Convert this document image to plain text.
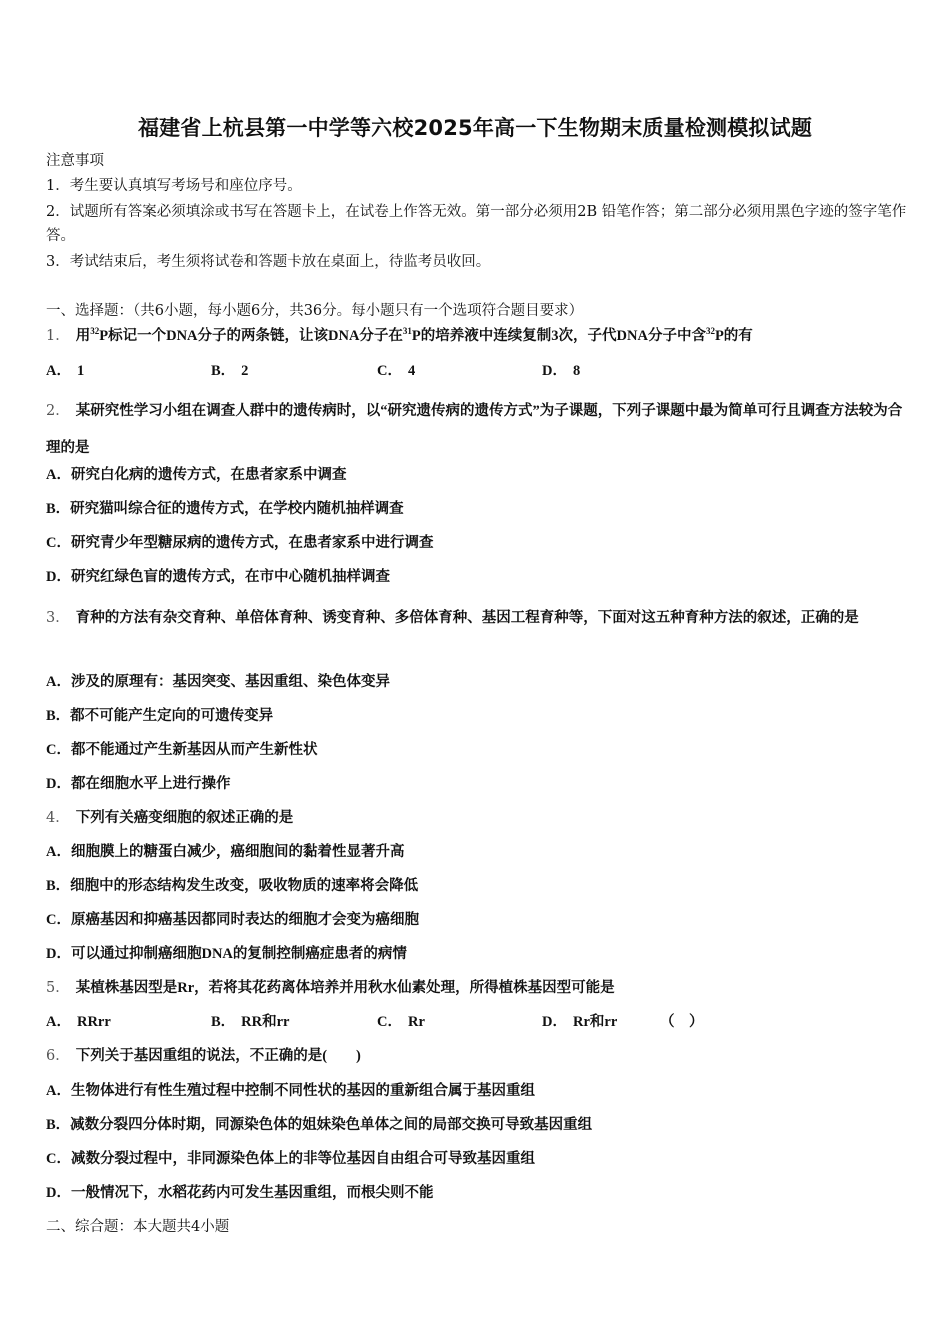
福建省上杭县第一中学等六校2025年高一下生物期末质量检测模拟试题
注意事项
1．考生要认真填写考场号和座位序号。
2．试题所有答案必须填涂或书写在答题卡上，在试卷上作答无效。第一部分必须用2B 铅笔作答；第二部分必须用黑色字迹的签字笔作答。
3．考试结束后，考生须将试卷和答题卡放在桌面上，待监考员收回。
一、选择题：（共6小题，每小题6分，共36分。每小题只有一个选项符合题目要求）
1． 用$^{32}$P标记一个DNA分子的两条链，让该DNA分子在$^{31}$P的培养液中连续复制3次，子代DNA分子中含$^{32}$P的有
A． 1	B． 2	C． 4	D． 8
2． 某研究性学习小组在调查人群中的遗传病时，以“研究遗传病的遗传方式”为子课题，下列子课题中最为简单可行且调查方法较为合理的是
A．研究白化病的遗传方式，在患者家系中调查
B．研究猫叫综合征的遗传方式，在学校内随机抽样调查
C．研究青少年型糖尿病的遗传方式，在患者家系中进行调查
D．研究红绿色盲的遗传方式，在市中心随机抽样调查
3． 育种的方法有杂交育种、单倍体育种、诱变育种、多倍体育种、基因工程育种等，下面对这五种育种方法的叙述，正确的是
A．涉及的原理有：基因突变、基因重组、染色体变异
B．都不可能产生定向的可遗传变异
C．都不能通过产生新基因从而产生新性状
D．都在细胞水平上进行操作
4． 下列有关癌变细胞的叙述正确的是
A．细胞膜上的糖蛋白减少，癌细胞间的黏着性显著升高
B．细胞中的形态结构发生改变，吸收物质的速率将会降低
C．原癌基因和抑癌基因都同时表达的细胞才会变为癌细胞
D．可以通过抑制癌细胞DNA的复制控制癌症患者的病情
5． 某植株基因型是Rr，若将其花药离体培养并用秋水仙素处理，所得植株基因型可能是
A． RRrr	B． RR和rr	C． Rr	D． Rr和rr	（　）
6． 下列关于基因重组的说法，不正确的是(　　)
A．生物体进行有性生殖过程中控制不同性状的基因的重新组合属于基因重组
B．减数分裂四分体时期，同源染色体的姐妹染色单体之间的局部交换可导致基因重组
C．减数分裂过程中，非同源染色体上的非等位基因自由组合可导致基因重组
D．一般情况下，水稻花药内可发生基因重组，而根尖则不能
二、综合题：本大题共4小题
